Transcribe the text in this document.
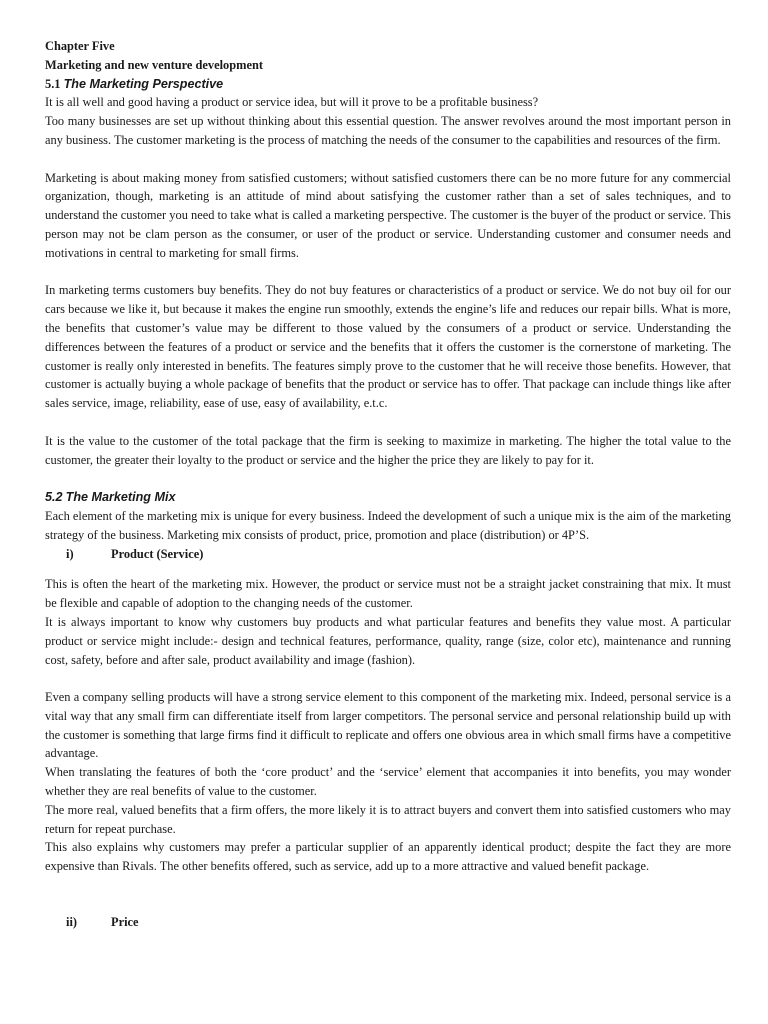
Chapter Five

Marketing and new venture development

5.1 The Marketing Perspective

It is all well and good having a product or service idea, but will it prove to be a profitable business?

Too many businesses are set up without thinking about this essential question. The answer revolves around the most important person in any business. The customer marketing is the process of matching the needs of the consumer to the capabilities and resources of the firm.

Marketing is about making money from satisfied customers; without satisfied customers there can be no more future for any commercial organization, though, marketing is an attitude of mind about satisfying the customer rather than a set of sales techniques, and to understand the customer you need to take what is called a marketing perspective. The customer is the buyer of the product or service. This person may not be clam person as the consumer, or user of the product or service. Understanding customer and consumer needs and motivations in central to marketing for small firms.

In marketing terms customers buy benefits. They do not buy features or characteristics of a product or service. We do not buy oil for our cars because we like it, but because it makes the engine run smoothly, extends the engine’s life and reduces our repair bills. What is more, the benefits that customer’s value may be different to those valued by the consumers of a product or service. Understanding the differences between the features of a product or service and the benefits that it offers the customer is the cornerstone of marketing. The customer is really only interested in benefits. The features simply prove to the customer that he will receive those benefits. However, that customer is actually buying a whole package of benefits that the product or service has to offer. That package can include things like after sales service, image, reliability, ease of use, easy of availability, e.t.c.

It is the value to the customer of the total package that the firm is seeking to maximize in marketing. The higher the total value to the customer, the greater their loyalty to the product or service and the higher the price they are likely to pay for it.

5.2 The Marketing Mix

Each element of the marketing mix is unique for every business. Indeed the development of such a unique mix is the aim of the marketing strategy of the business. Marketing mix consists of product, price, promotion and place (distribution) or 4P’S.

i)	Product (Service)

This is often the heart of the marketing mix. However, the product or service must not be a straight jacket constraining that mix. It must be flexible and capable of adoption to the changing needs of the customer.

It is always important to know why customers buy products and what particular features and benefits they value most. A particular product or service might include:- design and technical features, performance, quality, range (size, color etc), maintenance and running cost, safety, before and after sale, product availability and image (fashion).

Even a company selling products will have a strong service element to this component of the marketing mix. Indeed, personal service is a vital way that any small firm can differentiate itself from larger competitors. The personal service and personal relationship build up with the customer is something that large firms find it difficult to replicate and offers one obvious area in which small firms have a competitive advantage.

When translating the features of both the ‘core product’ and the ‘service’ element that accompanies it into benefits, you may wonder whether they are real benefits of value to the customer.

The more real, valued benefits that a firm offers, the more likely it is to attract buyers and convert them into satisfied customers who may return for repeat purchase.

This also explains why customers may prefer a particular supplier of an apparently identical product; despite the fact they are more expensive than Rivals. The other benefits offered, such as service, add up to a more attractive and valued benefit package.

ii)	Price
